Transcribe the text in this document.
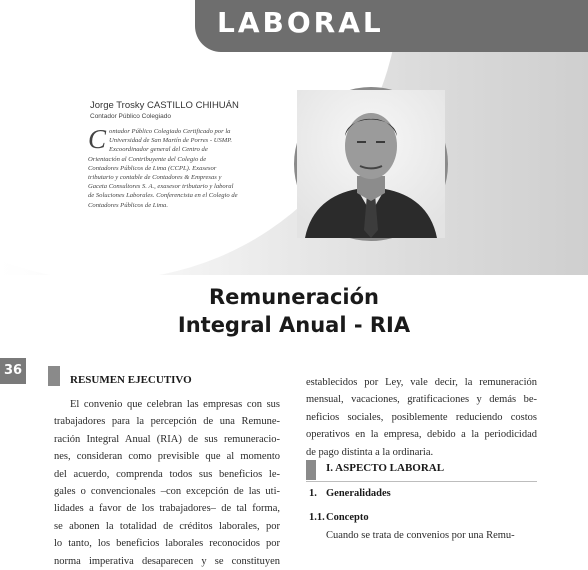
LABORAL
Jorge Trosky CASTILLO CHIHUÁN
Contador Público Colegiado

Contador Público Colegiado Certificado por la Universidad de San Martín de Porres - USMP. Excoordinador general del Centro de Orientación al Contribuyente del Colegio de Contadores Públicos de Lima (CCPL). Exasesor tributario y contable de Contadores & Empresas y Gaceta Consultores S. A., exasesor tributario y laboral de Soluciones Laborales. Conferencista en el Colegio de Contadores Públicos de Lima.

Remuneración
Integral Anual - RIA
36
RESUMEN EJECUTIVO
El convenio que celebran las empresas con sus
trabajadores para la percepción de una Remune-
ración Integral Anual (RIA) de sus remuneracio-
nes, consideran como previsible que al momento
del acuerdo, comprenda todos sus beneficios le-
gales o convencionales –con excepción de las uti-
lidades a favor de los trabajadores– de tal forma,
se abonen la totalidad de créditos laborales, por
lo tanto, los beneficios laborales reconocidos por
norma imperativa desaparecen y se constituyen
establecidos por Ley, vale decir, la remuneración
mensual, vacaciones, gratificaciones y demás be-
neficios sociales, posiblemente reduciendo costos
operativos en la empresa, debido a la periodicidad
de pago distinta a la ordinaria.
I. ASPECTO LABORAL
1. Generalidades
1.1. Concepto
Cuando se trata de convenios por una Remu-
